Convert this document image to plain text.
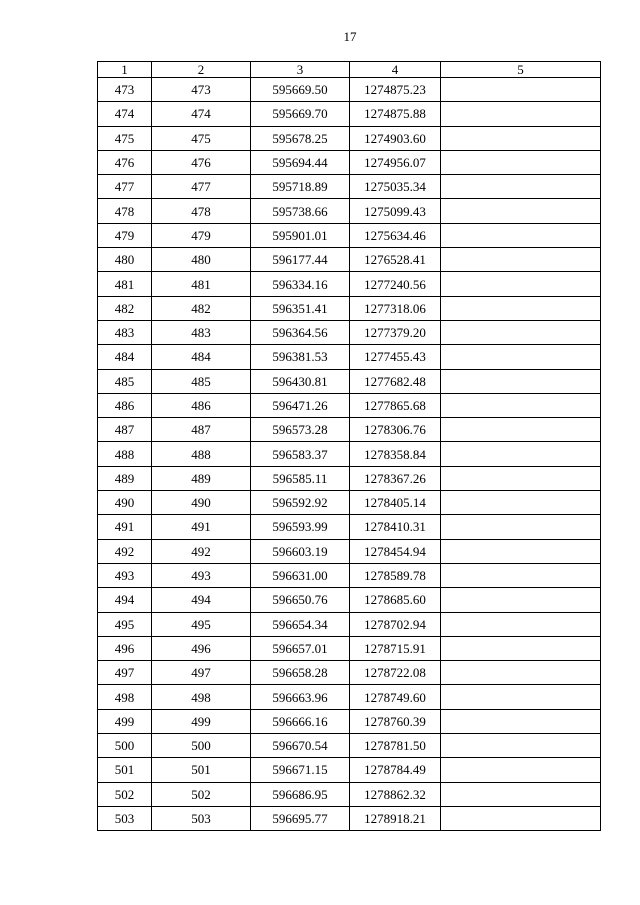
17
1	2	3	4	5
473	473	595669.50	1274875.23	
474	474	595669.70	1274875.88	
475	475	595678.25	1274903.60	
476	476	595694.44	1274956.07	
477	477	595718.89	1275035.34	
478	478	595738.66	1275099.43	
479	479	595901.01	1275634.46	
480	480	596177.44	1276528.41	
481	481	596334.16	1277240.56	
482	482	596351.41	1277318.06	
483	483	596364.56	1277379.20	
484	484	596381.53	1277455.43	
485	485	596430.81	1277682.48	
486	486	596471.26	1277865.68	
487	487	596573.28	1278306.76	
488	488	596583.37	1278358.84	
489	489	596585.11	1278367.26	
490	490	596592.92	1278405.14	
491	491	596593.99	1278410.31	
492	492	596603.19	1278454.94	
493	493	596631.00	1278589.78	
494	494	596650.76	1278685.60	
495	495	596654.34	1278702.94	
496	496	596657.01	1278715.91	
497	497	596658.28	1278722.08	
498	498	596663.96	1278749.60	
499	499	596666.16	1278760.39	
500	500	596670.54	1278781.50	
501	501	596671.15	1278784.49	
502	502	596686.95	1278862.32	
503	503	596695.77	1278918.21	
